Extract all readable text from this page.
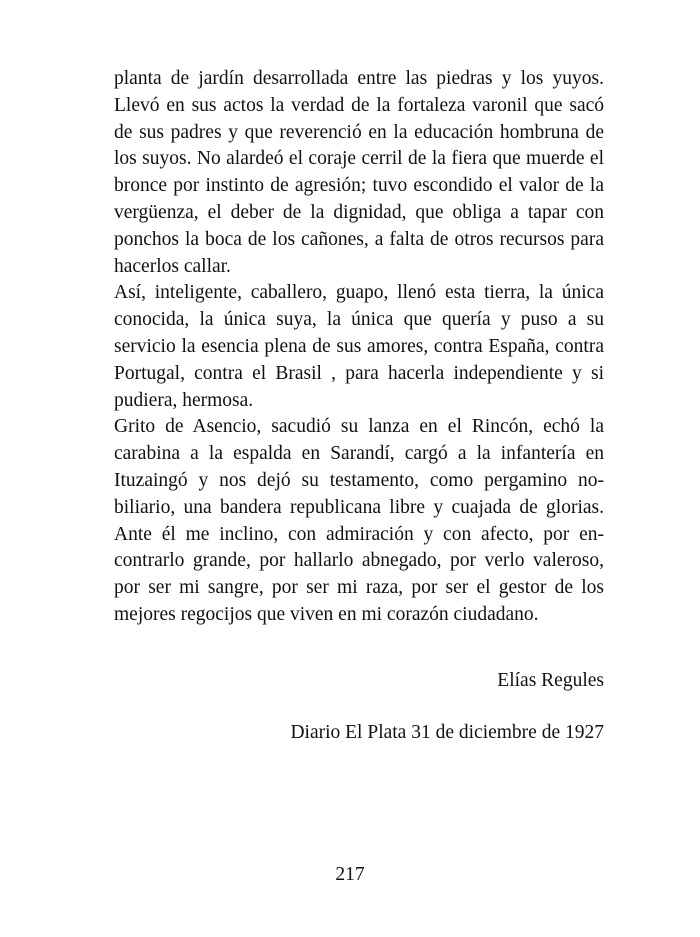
planta de jardín desarrollada entre las piedras y los yuyos. Llevó en sus actos la verdad de la fortaleza varonil que sacó de sus padres y que reverenció en la educación hombruna de los suyos. No alardeó el coraje cerril de la fiera que muerde el bronce por instinto de agresión; tuvo escondido el valor de la vergüenza, el deber de la dignidad, que obliga a tapar con ponchos la boca de los cañones, a falta de otros recursos para hacerlos callar.

Así, inteligente, caballero, guapo, llenó esta tierra, la única conocida, la única suya, la única que quería y puso a su servicio la esencia plena de sus amores, contra España, contra Portugal, contra el Brasil , para hacerla independiente y si pudiera, hermosa.

Grito de Asencio, sacudió su lanza en el Rincón, echó la carabina a la espalda en Sarandí, cargó a la infantería en Ituzaingó y nos dejó su testamento, como pergamino nobiliario, una bandera republicana libre y cuajada de glorias. Ante él me inclino, con admiración y con afecto, por encontrarlo grande, por hallarlo abnegado, por verlo valeroso, por ser mi sangre, por ser mi raza, por ser el gestor de los mejores regocijos que viven en mi corazón ciudadano.

Elías Regules
Diario El Plata 31 de diciembre de 1927
217
